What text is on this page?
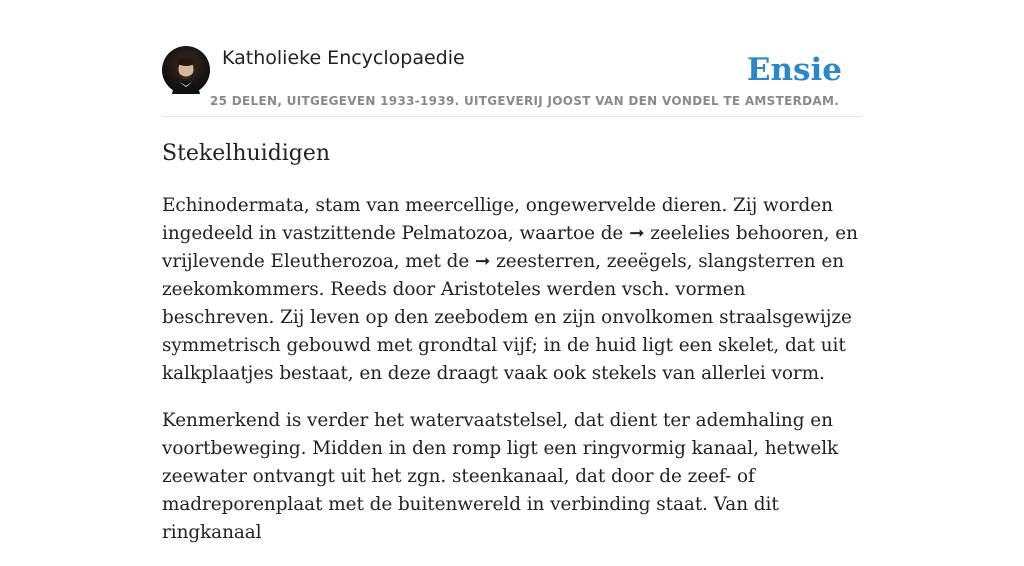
Katholieke Encyclopaedie
25 DELEN, UITGEGEVEN 1933-1939. UITGEVERIJ JOOST VAN DEN VONDEL TE AMSTERDAM.
Ensie
Stekelhuidigen

Echinodermata, stam van meercellige, ongewervelde dieren. Zij worden ingedeeld in vastzittende Pelmatozoa, waartoe de ➞ zeelelies behooren, en vrijlevende Eleutherozoa, met de ➞ zeesterren, zeeëgels, slangsterren en zeekomkommers. Reeds door Aristoteles werden vsch. vormen beschreven. Zij leven op den zeebodem en zijn onvolkomen straalsgewijze symmetrisch gebouwd met grondtal vijf; in de huid ligt een skelet, dat uit kalkplaatjes bestaat, en deze draagt vaak ook stekels van allerlei vorm.

Kenmerkend is verder het watervaatstelsel, dat dient ter ademhaling en voortbeweging. Midden in den romp ligt een ringvormig kanaal, hetwelk zeewater ontvangt uit het zgn. steenkanaal, dat door de zeef- of madreporenplaat met de buitenwereld in verbinding staat. Van dit ringkanaal
